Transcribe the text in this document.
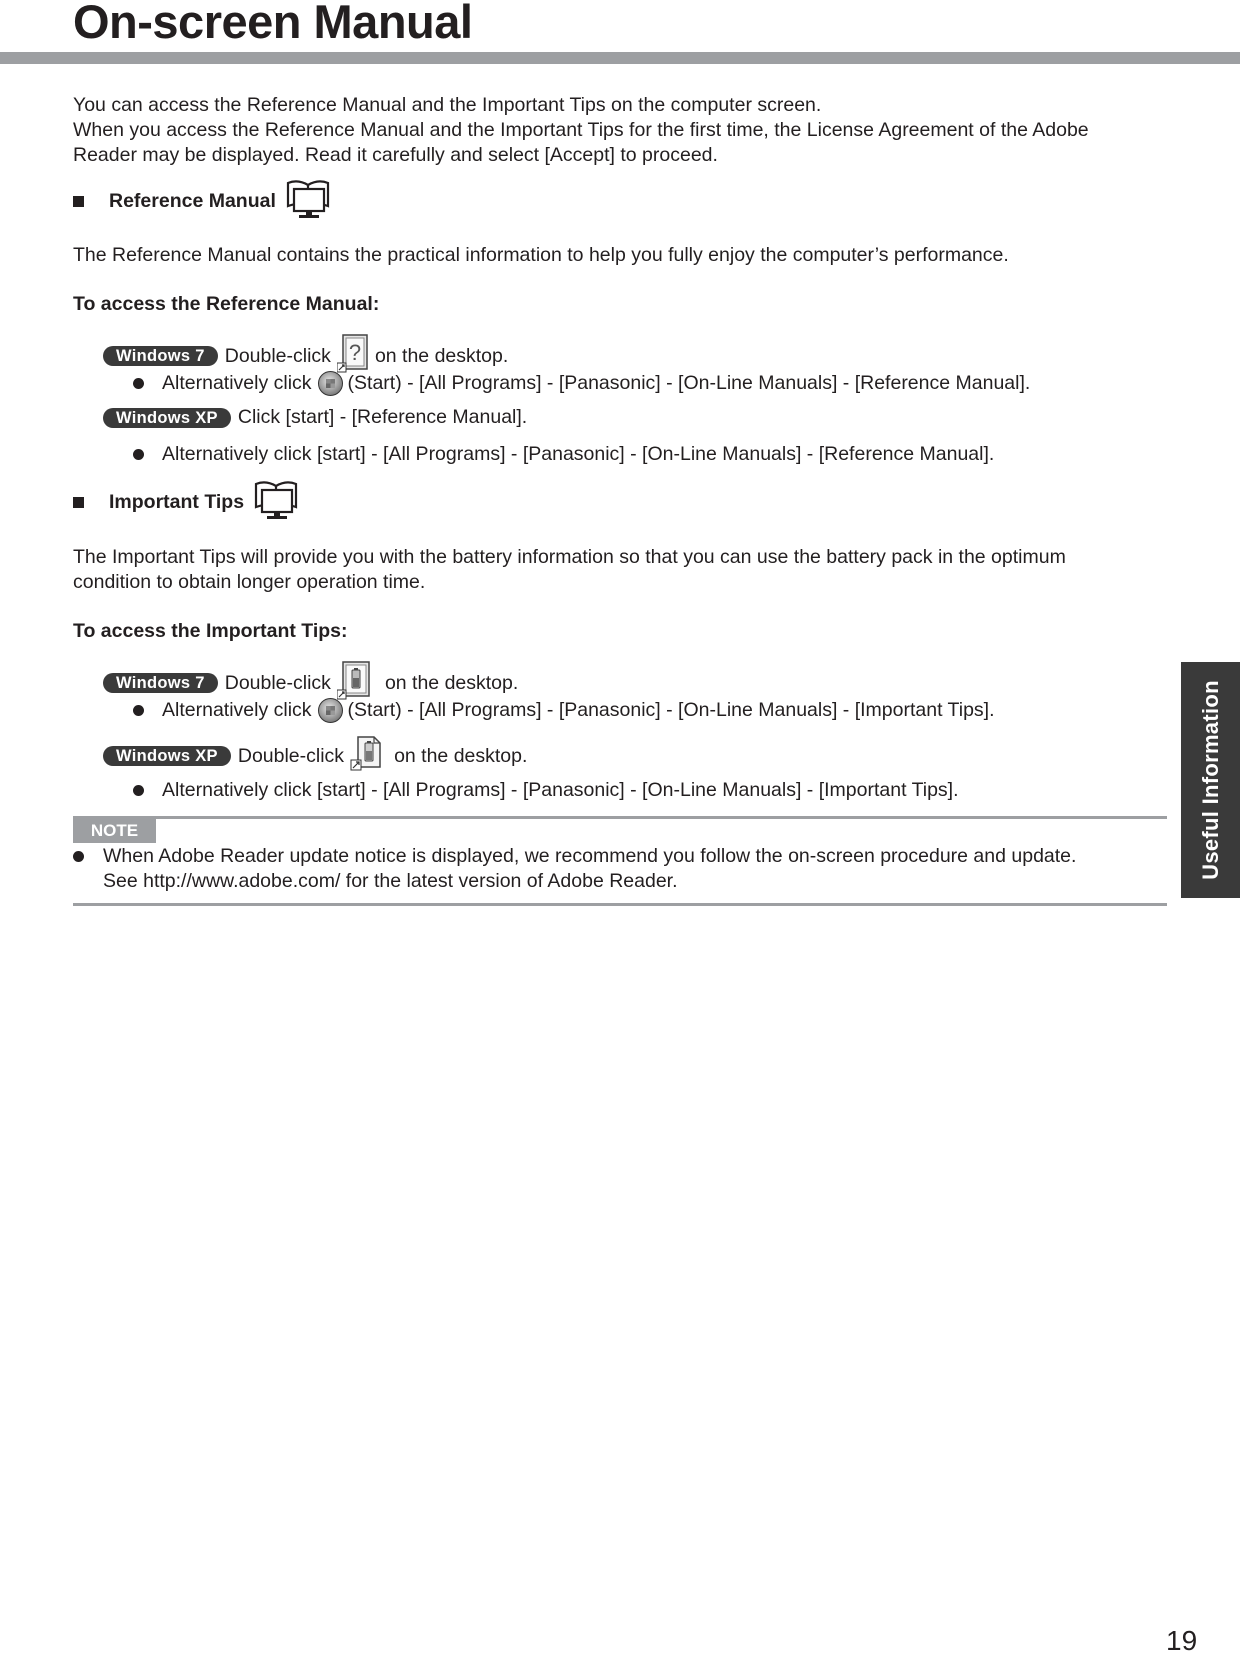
On-screen Manual
You can access the Reference Manual and the Important Tips on the computer screen.
When you access the Reference Manual and the Important Tips for the first time, the License Agreement of the Adobe
Reader may be displayed. Read it carefully and select [Accept] to proceed.
Reference Manual
The Reference Manual contains the practical information to help you fully enjoy the computer’s performance.
To access the Reference Manual:
Windows 7	Double-click ? on the desktop.
Alternatively click (Start) - [All Programs] - [Panasonic] - [On-Line Manuals] - [Reference Manual].
Windows XP	Click [start] - [Reference Manual].
Alternatively click [start] - [All Programs] - [Panasonic] - [On-Line Manuals] - [Reference Manual].
Important Tips
The Important Tips will provide you with the battery information so that you can use the battery pack in the optimum
condition to obtain longer operation time.
To access the Important Tips:
Windows 7	Double-click	on the desktop.
Alternatively click (Start) - [All Programs] - [Panasonic] - [On-Line Manuals] - [Important Tips].
Windows XP	Double-click	on the desktop.
Alternatively click [start] - [All Programs] - [Panasonic] - [On-Line Manuals] - [Important Tips].
NOTE
When Adobe Reader update notice is displayed, we recommend you follow the on-screen procedure and update.
See http://www.adobe.com/ for the latest version of Adobe Reader.
Useful Information
19
